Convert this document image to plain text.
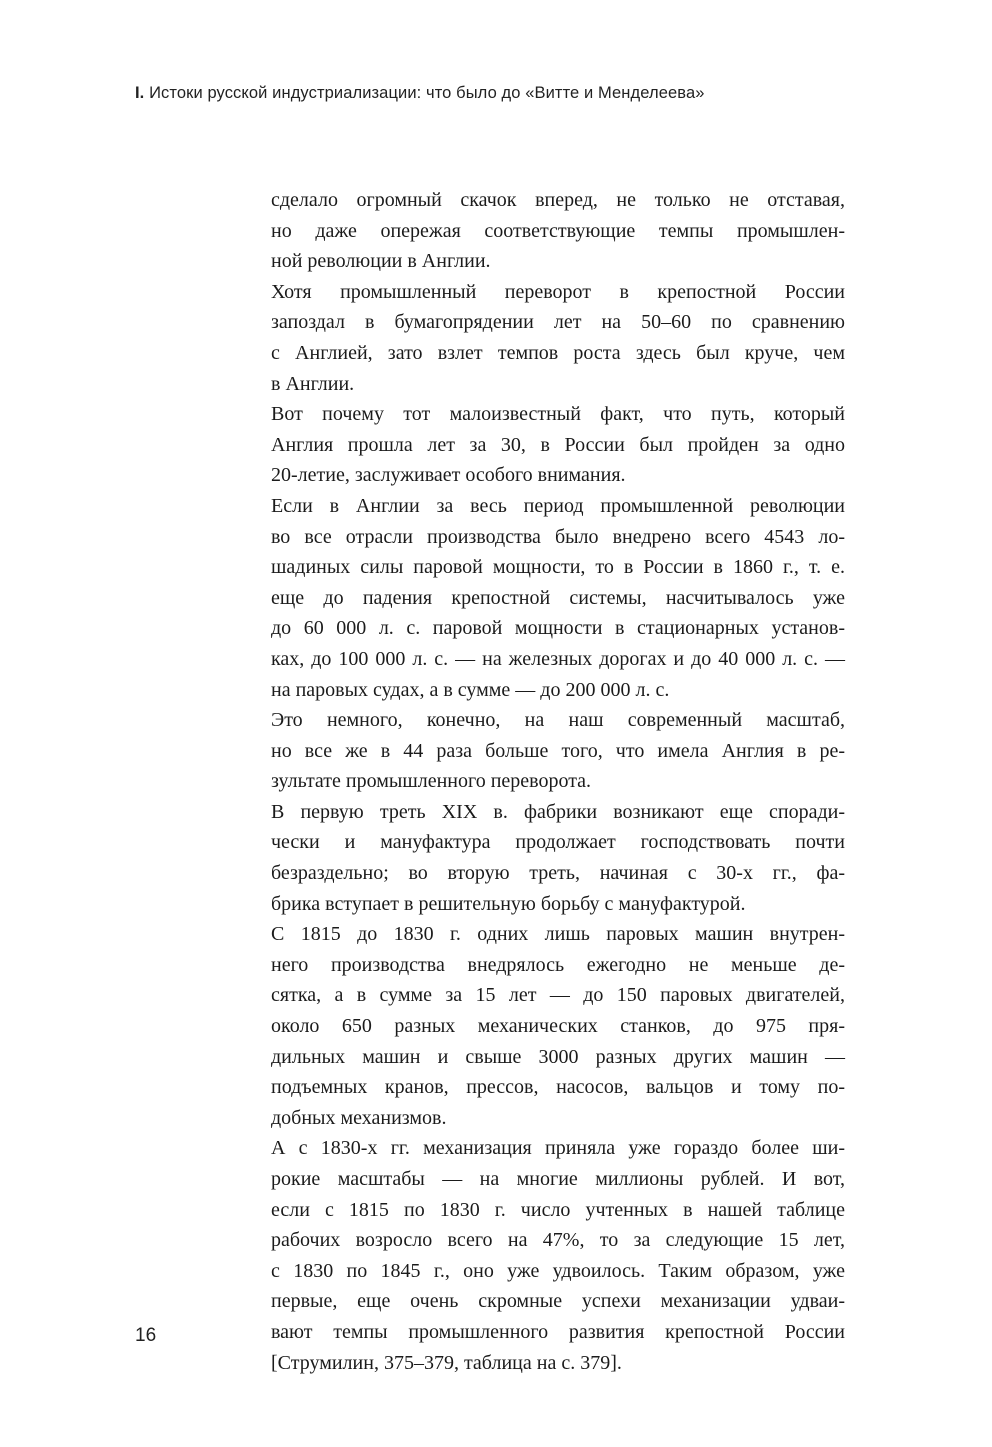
I. Истоки русской индустриализации: что было до «Витте и Менделеева»
сделало огромный скачок вперед, не только не отставая,
но даже опережая соответствующие темпы промышлен-
ной революции в Англии.
Хотя промышленный переворот в крепостной России
запоздал в бумагопрядении лет на 50–60 по сравнению
с Англией, зато взлет темпов роста здесь был круче, чем
в Англии.
Вот почему тот малоизвестный факт, что путь, который
Англия прошла лет за 30, в России был пройден за одно
20-летие, заслуживает особого внимания.
Если в Англии за весь период промышленной революции
во все отрасли производства было внедрено всего 4543 ло-
шадиных силы паровой мощности, то в России в 1860 г., т. е.
еще до падения крепостной системы, насчитывалось уже
до 60 000 л. с. паровой мощности в стационарных установ-
ках, до 100 000 л. с. — на железных дорогах и до 40 000 л. с. —
на паровых судах, а в сумме — до 200 000 л. с.
Это немного, конечно, на наш современный масштаб,
но все же в 44 раза больше того, что имела Англия в ре-
зультате промышленного переворота.
В первую треть XIX в. фабрики возникают еще споради-
чески и мануфактура продолжает господствовать почти
безраздельно; во вторую треть, начиная с 30-х гг., фа-
брика вступает в решительную борьбу с мануфактурой.
С 1815 до 1830 г. одних лишь паровых машин внутрен-
него производства внедрялось ежегодно не меньше де-
сятка, а в сумме за 15 лет — до 150 паровых двигателей,
около 650 разных механических станков, до 975 пря-
дильных машин и свыше 3000 разных других машин —
подъемных кранов, прессов, насосов, вальцов и тому по-
добных механизмов.
А с 1830-х гг. механизация приняла уже гораздо более ши-
рокие масштабы — на многие миллионы рублей. И вот,
если с 1815 по 1830 г. число учтенных в нашей таблице
рабочих возросло всего на 47%, то за следующие 15 лет,
с 1830 по 1845 г., оно уже удвоилось. Таким образом, уже
первые, еще очень скромные успехи механизации удваи-
вают темпы промышленного развития крепостной России
[Струмилин, 375–379, таблица на с. 379].
16
